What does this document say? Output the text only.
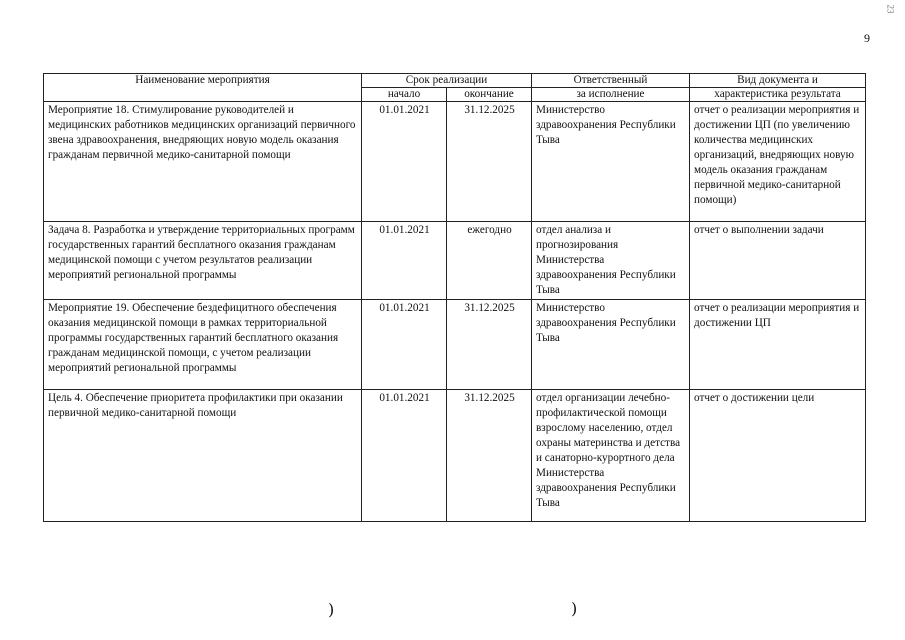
23
9
Наименование мероприятия	Срок реализации		Ответственный	Вид документа и
	начало	окончание	за исполнение	характеристика результата
Мероприятие 18. Стимулирование руководителей и медицинских работников медицинских организаций первичного звена здравоохранения, внедряющих новую модель оказания гражданам первичной медико-санитарной помощи	01.01.2021	31.12.2025	Министерство здравоохранения Республики Тыва	отчет о реализации мероприятия и достижении ЦП (по увеличению количества медицинских организаций, внедряющих новую модель оказания гражданам первичной медико-санитарной помощи)
Задача 8. Разработка и утверждение территориальных программ государственных гарантий бесплатного оказания гражданам медицинской помощи с учетом результатов реализации мероприятий региональной программы	01.01.2021	ежегодно	отдел анализа и прогнозирования Министерства здравоохранения Республики Тыва	отчет о выполнении задачи
Мероприятие 19. Обеспечение бездефицитного обеспечения оказания медицинской помощи в рамках территориальной программы государственных гарантий бесплатного оказания гражданам медицинской помощи, с учетом реализации мероприятий региональной программы	01.01.2021	31.12.2025	Министерство здравоохранения Республики Тыва	отчет о реализации мероприятия и достижении ЦП
Цель 4. Обеспечение приоритета профилактики при оказании первичной медико-санитарной помощи	01.01.2021	31.12.2025	отдел организации лечебно-профилактической помощи взрослому населению, отдел охраны материнства и детства и санаторно-курортного дела Министерства здравоохранения Республики Тыва	отчет о достижении цели
)	)
